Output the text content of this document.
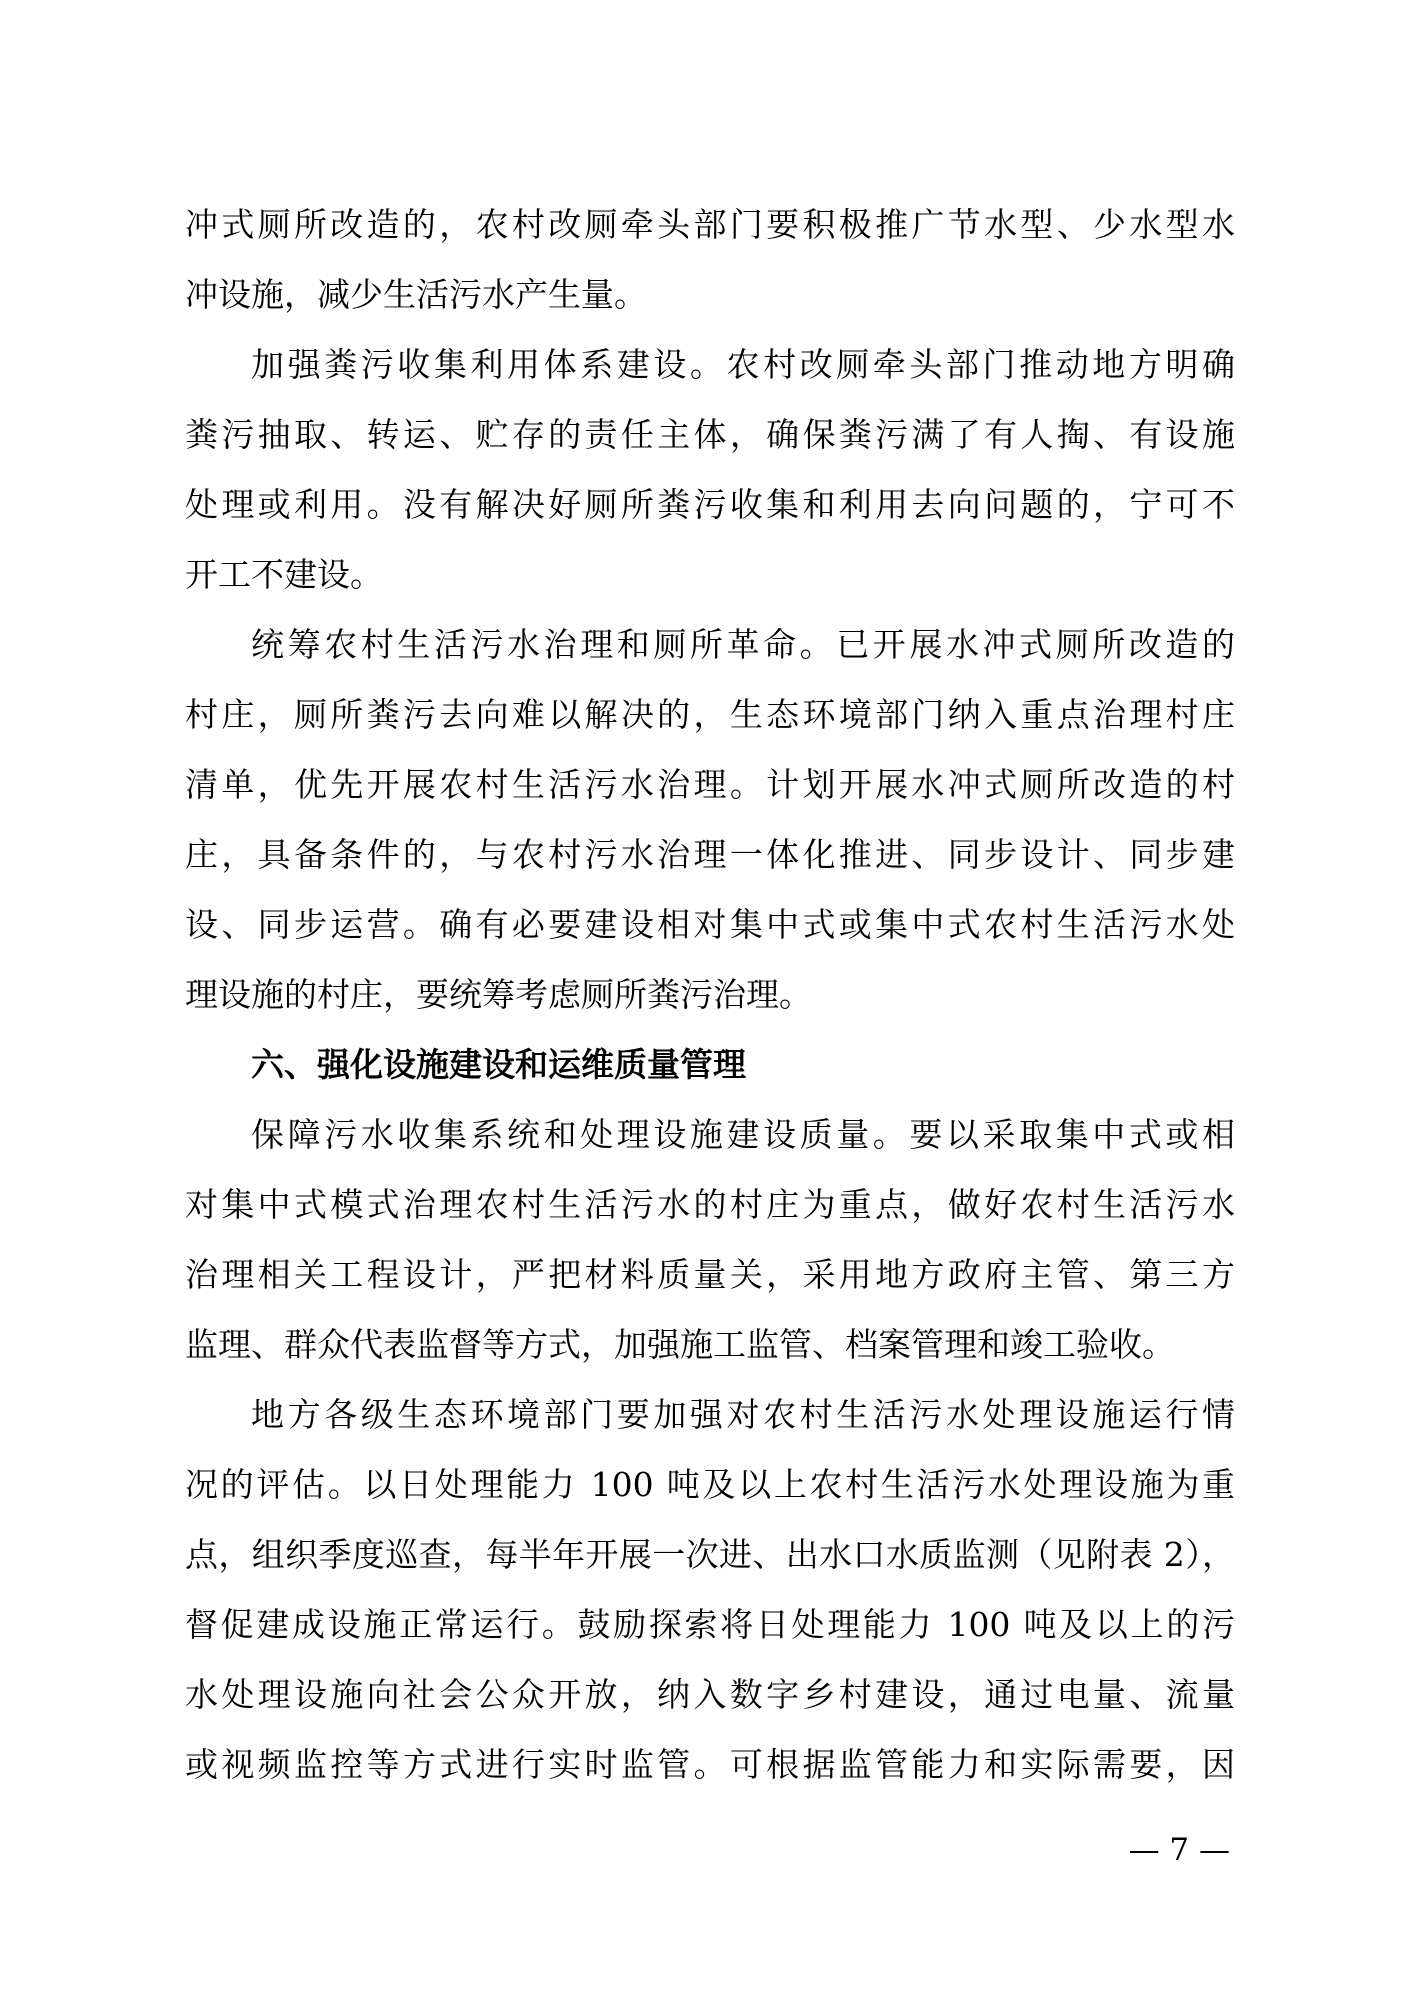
冲式厕所改造的，农村改厕牵头部门要积极推广节水型、少水型水
冲设施，减少生活污水产生量。
加强粪污收集利用体系建设。农村改厕牵头部门推动地方明确
粪污抽取、转运、贮存的责任主体，确保粪污满了有人掏、有设施
处理或利用。没有解决好厕所粪污收集和利用去向问题的，宁可不
开工不建设。
统筹农村生活污水治理和厕所革命。已开展水冲式厕所改造的
村庄，厕所粪污去向难以解决的，生态环境部门纳入重点治理村庄
清单，优先开展农村生活污水治理。计划开展水冲式厕所改造的村
庄，具备条件的，与农村污水治理一体化推进、同步设计、同步建
设、同步运营。确有必要建设相对集中式或集中式农村生活污水处
理设施的村庄，要统筹考虑厕所粪污治理。
六、强化设施建设和运维质量管理
保障污水收集系统和处理设施建设质量。要以采取集中式或相
对集中式模式治理农村生活污水的村庄为重点，做好农村生活污水
治理相关工程设计，严把材料质量关，采用地方政府主管、第三方
监理、群众代表监督等方式，加强施工监管、档案管理和竣工验收。
地方各级生态环境部门要加强对农村生活污水处理设施运行情
况的评估。以日处理能力 100 吨及以上农村生活污水处理设施为重
点，组织季度巡查，每半年开展一次进、出水口水质监测（见附表 2），
督促建成设施正常运行。鼓励探索将日处理能力 100 吨及以上的污
水处理设施向社会公众开放，纳入数字乡村建设，通过电量、流量
或视频监控等方式进行实时监管。可根据监管能力和实际需要，因
— 7 —
